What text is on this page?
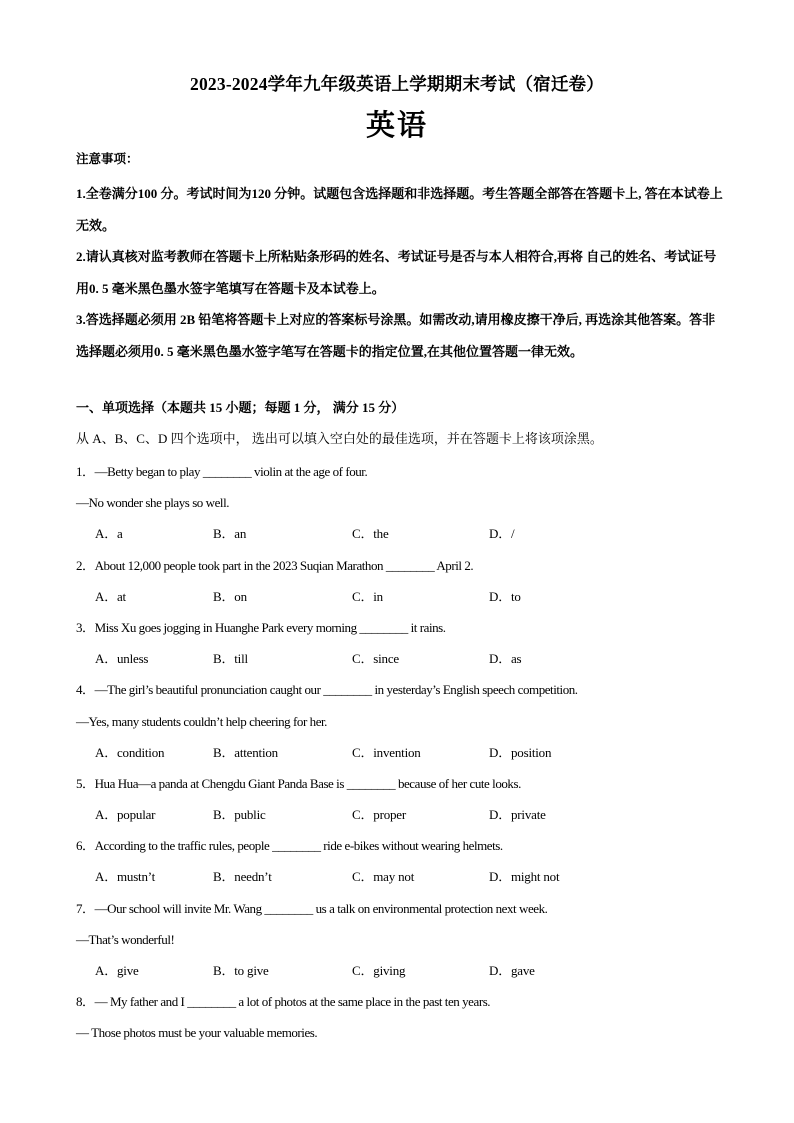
2023-2024学年九年级英语上学期期末考试（宿迁卷）
英语
注意事项：

1.全卷满分100 分。考试时间为120 分钟。试题包含选择题和非选择题。考生答题全部答在答题卡上, 答在本试卷上无效。

2.请认真核对监考教师在答题卡上所粘贴条形码的姓名、考试证号是否与本人相符合,再将 自己的姓名、考试证号用0. 5 毫米黑色墨水签字笔填写在答题卡及本试卷上。

3.答选择题必须用 2B 铅笔将答题卡上对应的答案标号涂黑。如需改动,请用橡皮擦干净后, 再选涂其他答案。答非选择题必须用0. 5 毫米黑色墨水签字笔写在答题卡的指定位置,在其他位置答题一律无效。

一、单项选择（本题共 15 小题；每题 1 分， 满分 15 分）

从 A、B、C、D 四个选项中， 选出可以填入空白处的最佳选项，并在答题卡上将该项涂黑。

1．—Betty began to play ________ violin at the age of four.
—No wonder she plays so well.
A．a	B．an	C．the	D．/
2．About 12,000 people took part in the 2023 Suqian Marathon ________ April 2.
A．at	B．on	C．in	D．to
3．Miss Xu goes jogging in Huanghe Park every morning ________ it rains.
A．unless	B．till	C．since	D．as
4．—The girl’s beautiful pronunciation caught our ________ in yesterday’s English speech competition.
—Yes, many students couldn’t help cheering for her.
A．condition	B．attention	C．invention	D．position
5．Hua Hua—a panda at Chengdu Giant Panda Base is ________ because of her cute looks.
A．popular	B．public	C．proper	D．private
6．According to the traffic rules, people ________ ride e-bikes without wearing helmets.
A．mustn’t	B．needn’t	C．may not	D．might not
7．—Our school will invite Mr. Wang ________ us a talk on environmental protection next week.
—That’s wonderful!
A．give	B．to give	C．giving	D．gave
8．— My father and I ________ a lot of photos at the same place in the past ten years.
— Those photos must be your valuable memories.
